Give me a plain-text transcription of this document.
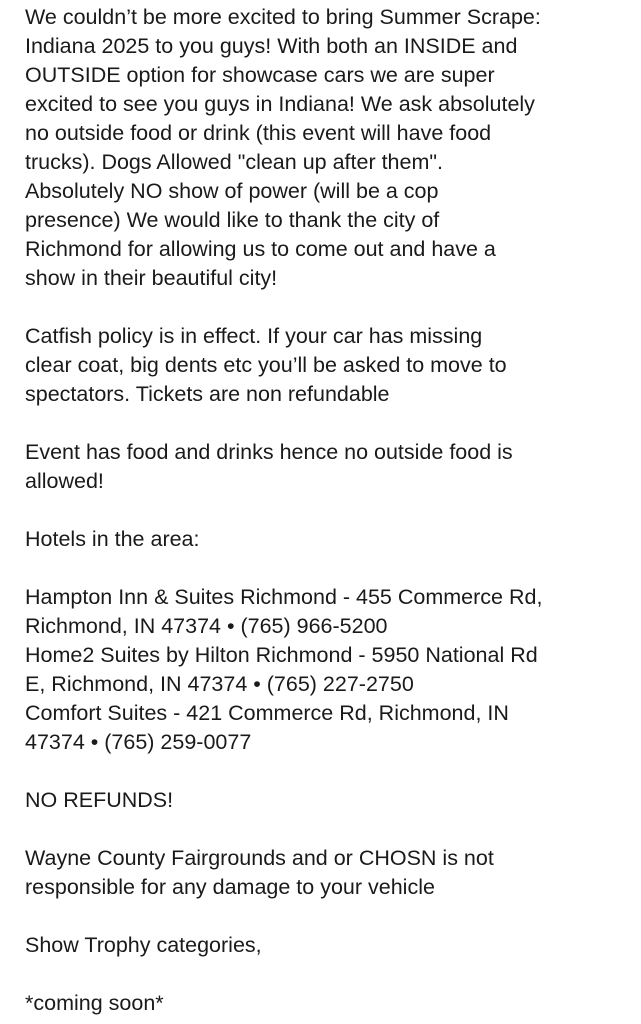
We couldn’t be more excited to bring Summer Scrape:
Indiana 2025 to you guys! With both an INSIDE and
OUTSIDE option for showcase cars we are super
excited to see you guys in Indiana! We ask absolutely
no outside food or drink (this event will have food
trucks). Dogs Allowed "clean up after them".
Absolutely NO show of power (will be a cop
presence) We would like to thank the city of
Richmond for allowing us to come out and have a
show in their beautiful city!
Catfish policy is in effect. If your car has missing
clear coat, big dents etc you’ll be asked to move to
spectators. Tickets are non refundable
Event has food and drinks hence no outside food is
allowed!
Hotels in the area:
Hampton Inn & Suites Richmond - 455 Commerce Rd,
Richmond, IN 47374 • (765) 966-5200
Home2 Suites by Hilton Richmond - 5950 National Rd
E, Richmond, IN 47374 • (765) 227-2750
Comfort Suites - 421 Commerce Rd, Richmond, IN
47374 • (765) 259-0077
NO REFUNDS!
Wayne County Fairgrounds and or CHOSN is not
responsible for any damage to your vehicle
Show Trophy categories,
*coming soon*
